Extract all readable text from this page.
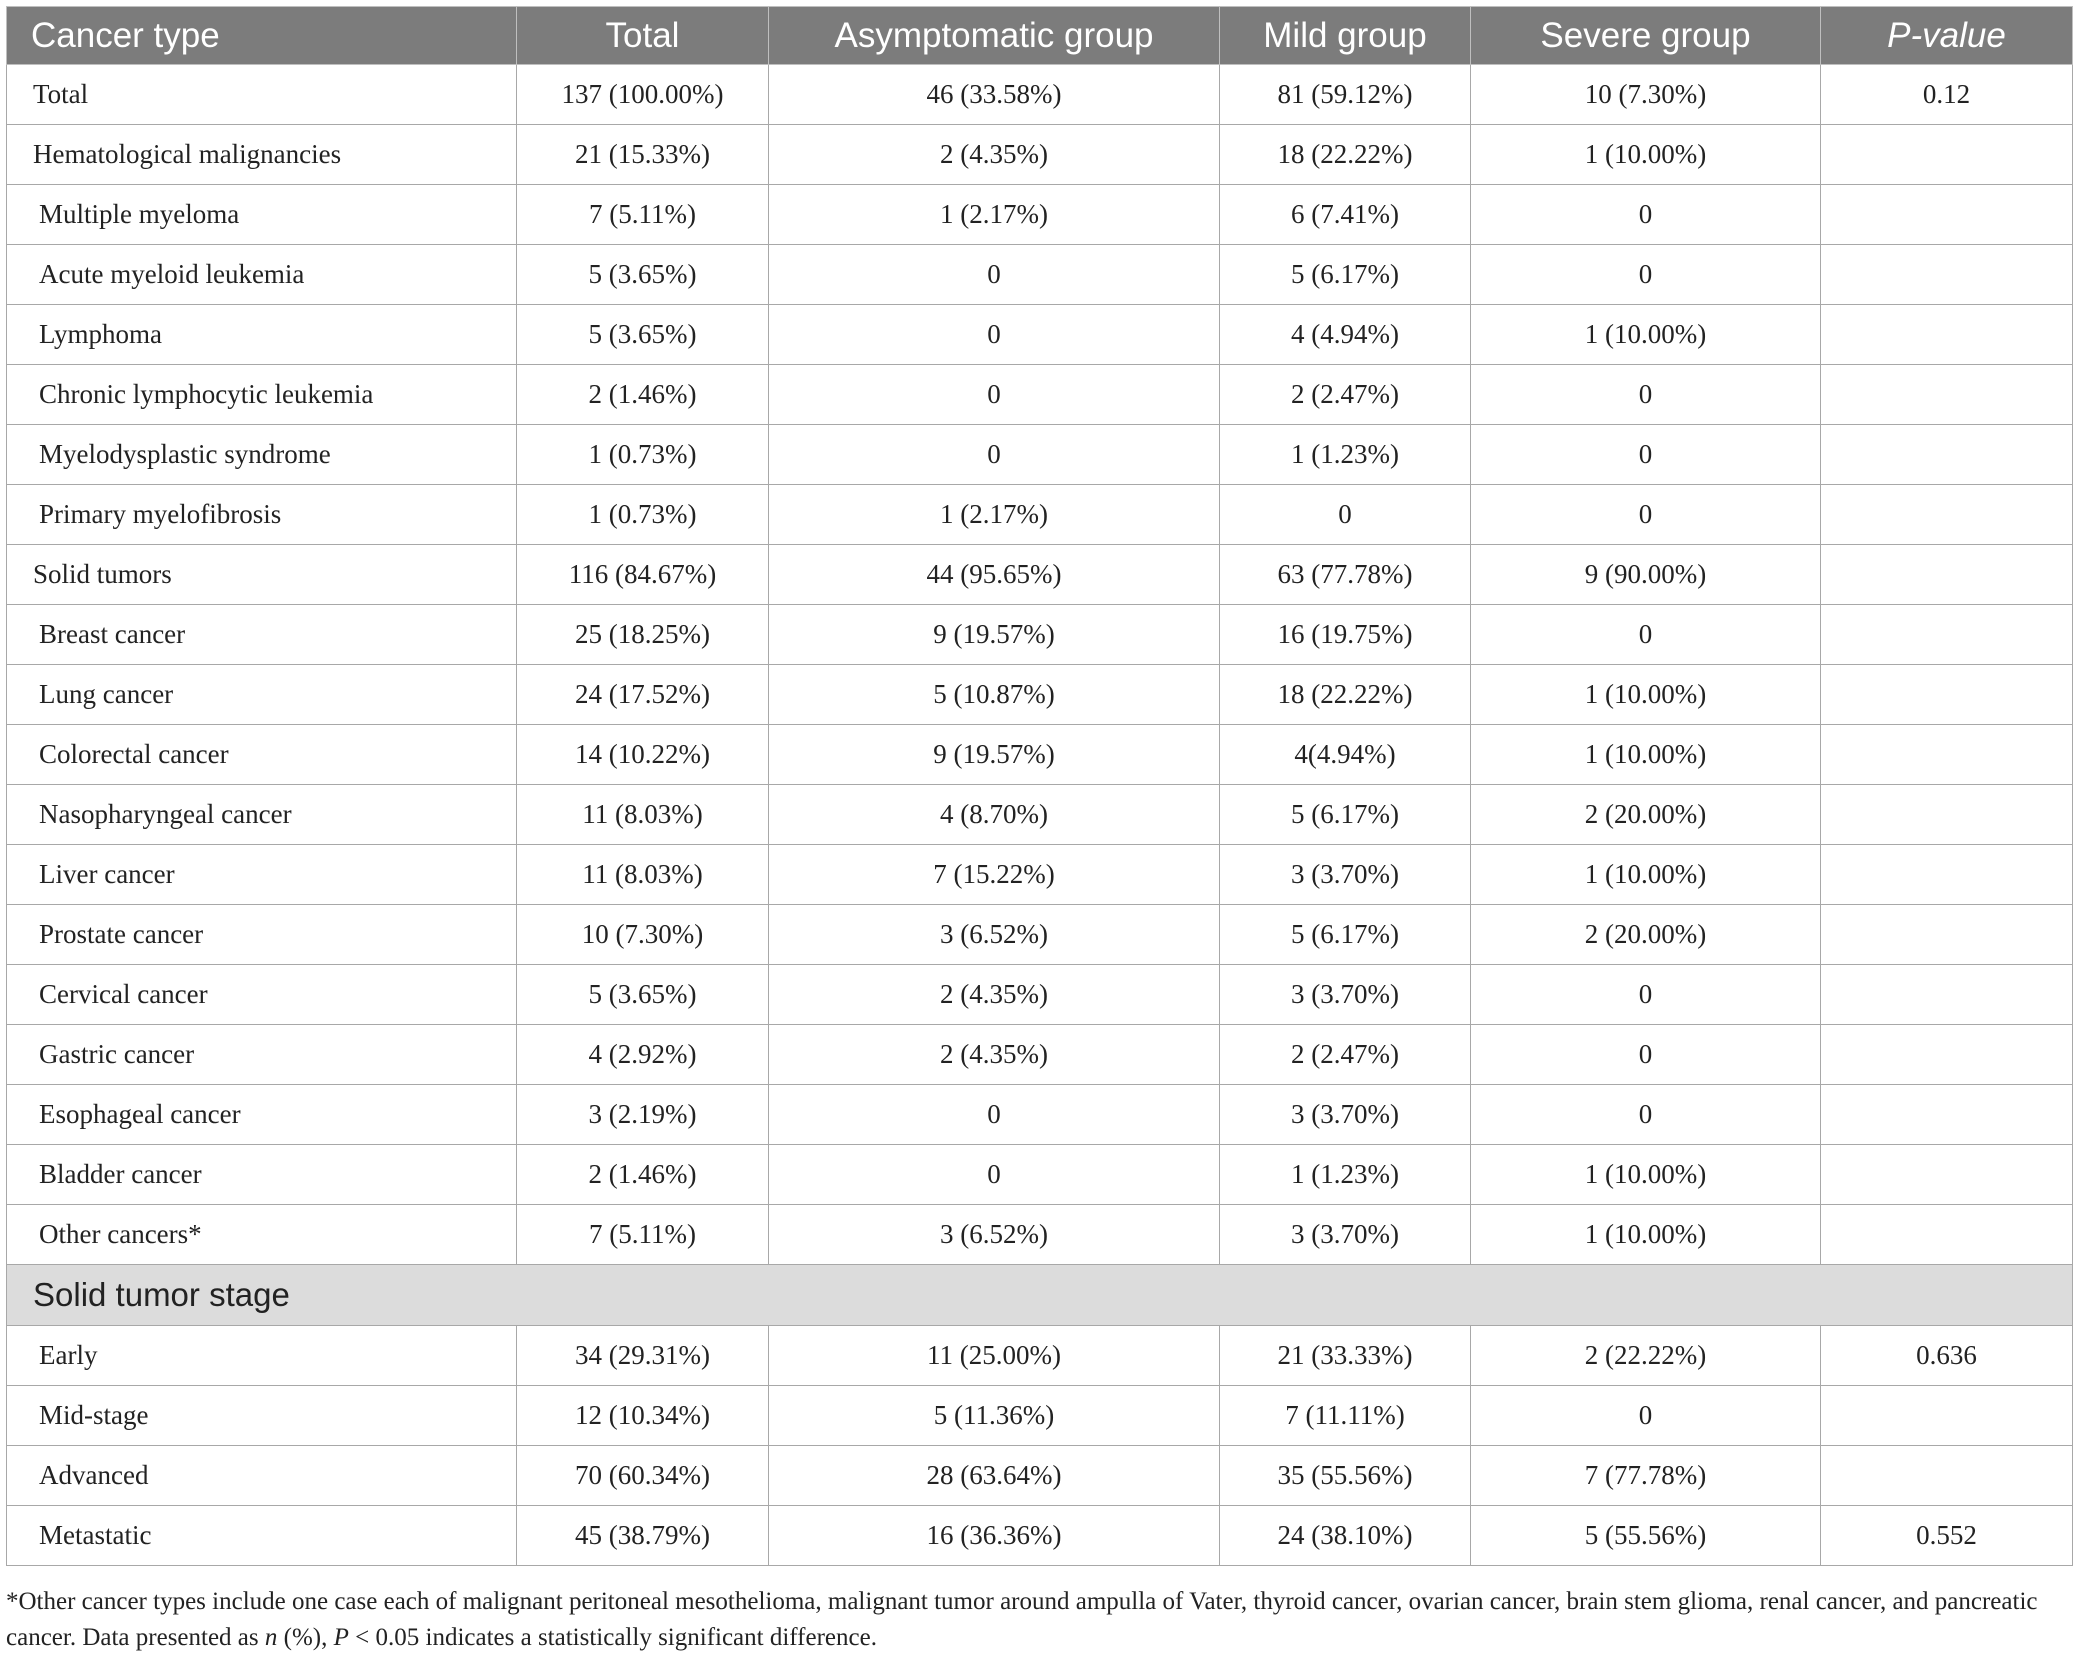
Cancer type	Total	Asymptomatic group	Mild group	Severe group	P-value
Total	137 (100.00%)	46 (33.58%)	81 (59.12%)	10 (7.30%)	0.12
Hematological malignancies	21 (15.33%)	2 (4.35%)	18 (22.22%)	1 (10.00%)	
Multiple myeloma	7 (5.11%)	1 (2.17%)	6 (7.41%)	0	
Acute myeloid leukemia	5 (3.65%)	0	5 (6.17%)	0	
Lymphoma	5 (3.65%)	0	4 (4.94%)	1 (10.00%)	
Chronic lymphocytic leukemia	2 (1.46%)	0	2 (2.47%)	0	
Myelodysplastic syndrome	1 (0.73%)	0	1 (1.23%)	0	
Primary myelofibrosis	1 (0.73%)	1 (2.17%)	0	0	
Solid tumors	116 (84.67%)	44 (95.65%)	63 (77.78%)	9 (90.00%)	
Breast cancer	25 (18.25%)	9 (19.57%)	16 (19.75%)	0	
Lung cancer	24 (17.52%)	5 (10.87%)	18 (22.22%)	1 (10.00%)	
Colorectal cancer	14 (10.22%)	9 (19.57%)	4(4.94%)	1 (10.00%)	
Nasopharyngeal cancer	11 (8.03%)	4 (8.70%)	5 (6.17%)	2 (20.00%)	
Liver cancer	11 (8.03%)	7 (15.22%)	3 (3.70%)	1 (10.00%)	
Prostate cancer	10 (7.30%)	3 (6.52%)	5 (6.17%)	2 (20.00%)	
Cervical cancer	5 (3.65%)	2 (4.35%)	3 (3.70%)	0	
Gastric cancer	4 (2.92%)	2 (4.35%)	2 (2.47%)	0	
Esophageal cancer	3 (2.19%)	0	3 (3.70%)	0	
Bladder cancer	2 (1.46%)	0	1 (1.23%)	1 (10.00%)	
Other cancers*	7 (5.11%)	3 (6.52%)	3 (3.70%)	1 (10.00%)	
Solid tumor stage					
Early	34 (29.31%)	11 (25.00%)	21 (33.33%)	2 (22.22%)	0.636
Mid-stage	12 (10.34%)	5 (11.36%)	7 (11.11%)	0	
Advanced	70 (60.34%)	28 (63.64%)	35 (55.56%)	7 (77.78%)	
Metastatic	45 (38.79%)	16 (36.36%)	24 (38.10%)	5 (55.56%)	0.552
*Other cancer types include one case each of malignant peritoneal mesothelioma, malignant tumor around ampulla of Vater, thyroid cancer, ovarian cancer, brain stem glioma, renal cancer, and pancreatic cancer. Data presented as n (%), P < 0.05 indicates a statistically significant difference.
